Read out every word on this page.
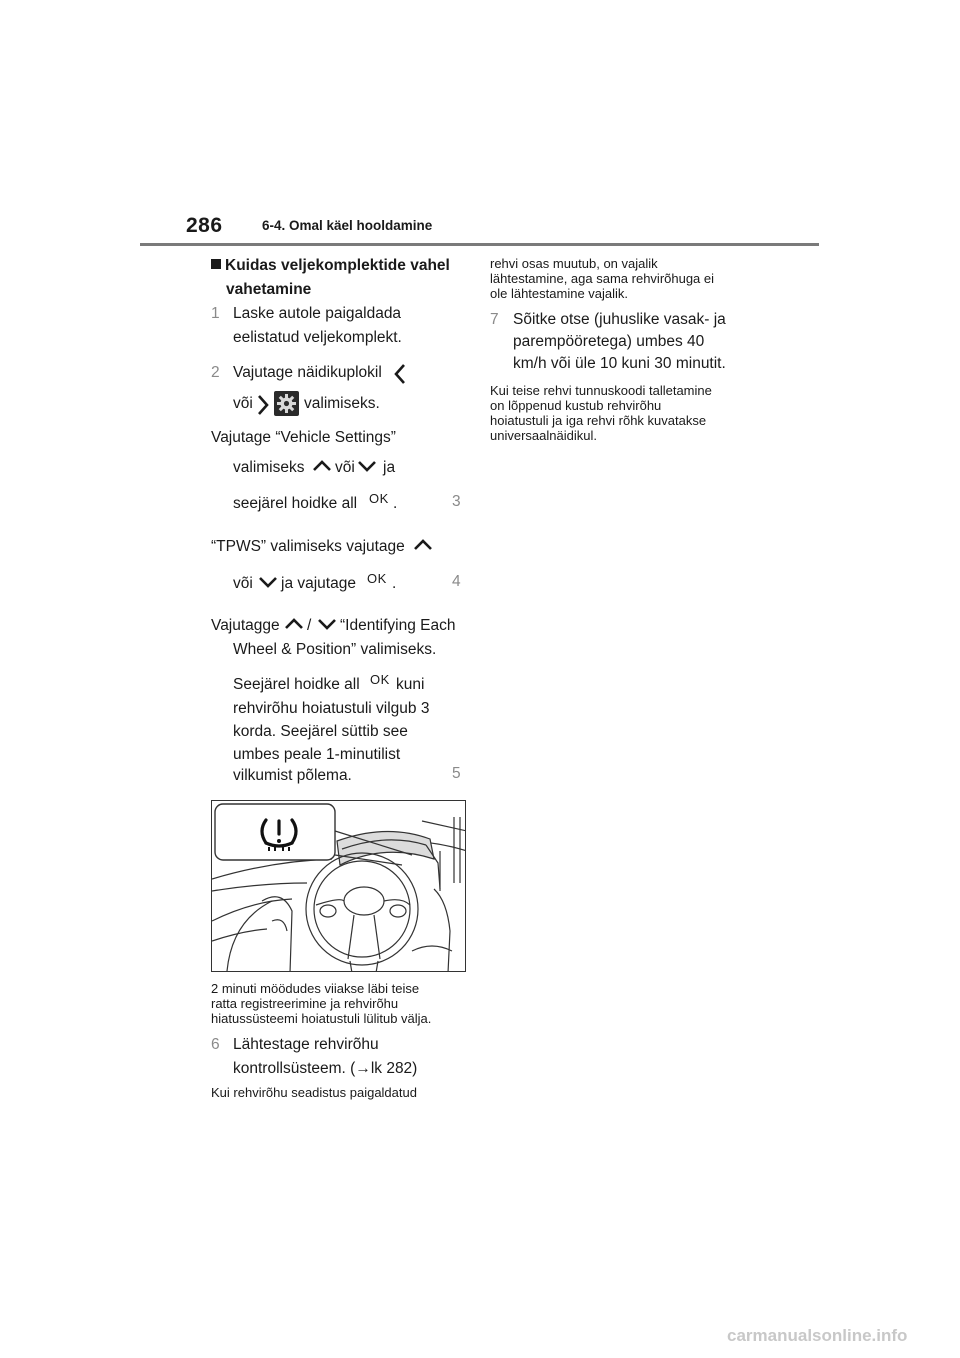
286	6-4. Omal käel hooldamine
Kuidas veljekomplektide vahel
vahetamine
1 Laske autole paigaldada
eelistatud veljekomplekt.
2 Vajutage näidikuplokil
või	valimiseks.
Vajutage “Vehicle Settings”
valimiseks või ja
seejärel hoidke all OK .	3
“TPWS” valimiseks vajutage
või ja vajutage OK .	4
Vajutagge / “Identifying Each
Wheel & Position” valimiseks.
Seejärel hoidke all OK kuni
rehvirõhu hoiatustuli vilgub 3
korda. Seejärel süttib see
umbes peale 1-minutilist
vilkumist põlema.	5
2 minuti möödudes viiakse läbi teise
ratta registreerimine ja rehvirõhu
hiatussüsteemi hoiatustuli lülitub välja.
6 Lähtestage rehvirõhu
kontrollsüsteem. (→lk 282)
Kui rehvirõhu seadistus paigaldatud
rehvi osas muutub, on vajalik
lähtestamine, aga sama rehvirõhuga ei
ole lähtestamine vajalik.
7 Sõitke otse (juhuslike vasak- ja
parempööretega) umbes 40
km/h või üle 10 kuni 30 minutit.
Kui teise rehvi tunnuskoodi talletamine
on lõppenud kustub rehvirõhu
hoiatustuli ja iga rehvi rõhk kuvatakse
universaalnäidikul.
carmanualsonline.info
